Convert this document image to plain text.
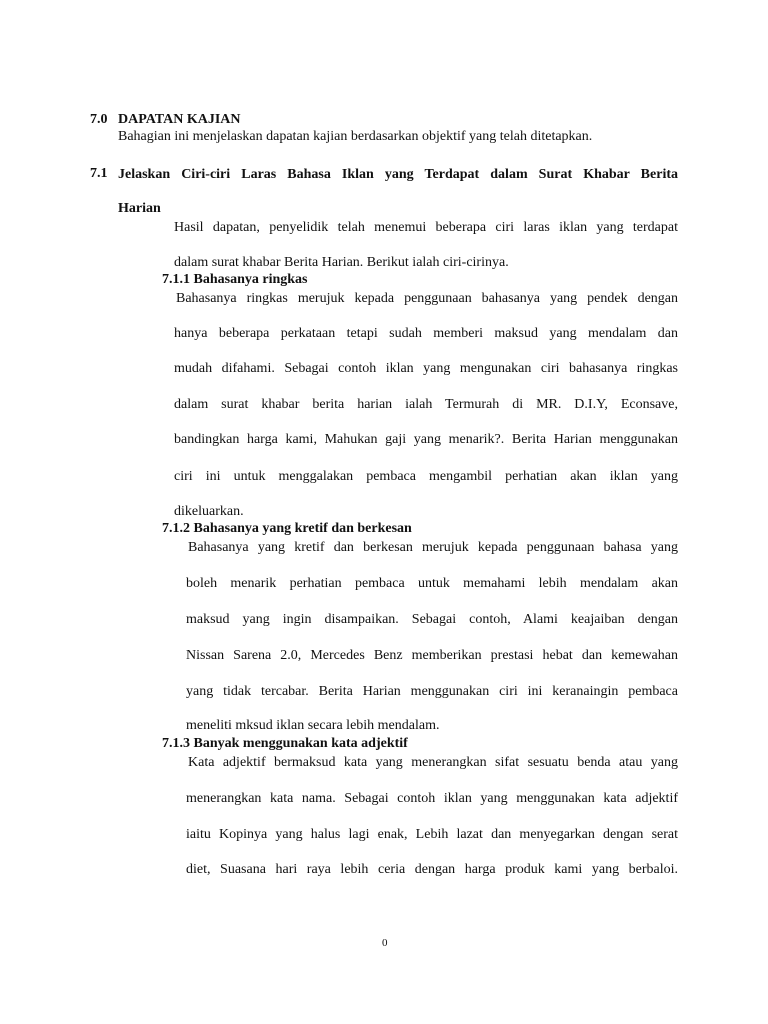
7.0 DAPATAN KAJIAN
Bahagian ini menjelaskan dapatan kajian berdasarkan objektif yang telah ditetapkan.
7.1 Jelaskan Ciri-ciri Laras Bahasa Iklan yang Terdapat dalam Surat Khabar Berita
Harian
Hasil dapatan, penyelidik telah menemui beberapa ciri laras iklan yang terdapat
dalam surat khabar Berita Harian. Berikut ialah ciri-cirinya.
7.1.1 Bahasanya ringkas
Bahasanya ringkas merujuk kepada penggunaan bahasanya yang pendek dengan
hanya beberapa perkataan tetapi sudah memberi maksud yang mendalam dan
mudah difahami. Sebagai contoh iklan yang mengunakan ciri bahasanya ringkas
dalam surat khabar berita harian ialah Termurah di MR. D.I.Y, Econsave,
bandingkan harga kami, Mahukan gaji yang menarik?. Berita Harian menggunakan
ciri ini untuk menggalakan pembaca mengambil perhatian akan iklan yang
dikeluarkan.
7.1.2 Bahasanya yang kretif dan berkesan
Bahasanya yang kretif dan berkesan merujuk kepada penggunaan bahasa yang
boleh menarik perhatian pembaca untuk memahami lebih mendalam akan
maksud yang ingin disampaikan. Sebagai contoh, Alami keajaiban dengan
Nissan Sarena 2.0, Mercedes Benz memberikan prestasi hebat dan kemewahan
yang tidak tercabar. Berita Harian menggunakan ciri ini keranaingin pembaca
meneliti mksud iklan secara lebih mendalam.
7.1.3 Banyak menggunakan kata adjektif
Kata adjektif bermaksud kata yang menerangkan sifat sesuatu benda atau yang
menerangkan kata nama. Sebagai contoh iklan yang menggunakan kata adjektif
iaitu Kopinya yang halus lagi enak, Lebih lazat dan menyegarkan dengan serat
diet, Suasana hari raya lebih ceria dengan harga produk kami yang berbaloi.
0
